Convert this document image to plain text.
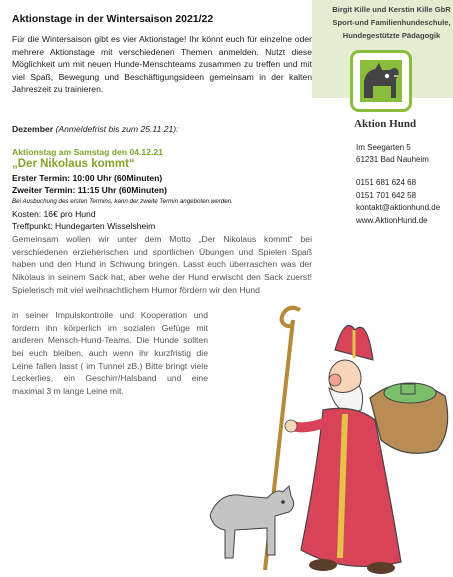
Aktionstage in der Wintersaison 2021/22
Für die Wintersaison gibt es vier Aktionstage! Ihr könnt euch für einzelne oder mehrere Aktionstage mit verschiedenen Themen anmelden. Nutzt diese Möglichkeit um mit neuen Hunde-Menschteams zusammen zu treffen und mit viel Spaß, Bewegung und Beschäftigungsideen gemeinsam in der kalten Jahreszeit zu trainieren.
Dezember (Anmeldefrist bis zum 25.11.21):
Aktionstag am Samstag den 04.12.21
„Der Nikolaus kommt“
Erster Termin: 10:00 Uhr (60Minuten)
Zweiter Termin: 11:15 Uhr (60Minuten)
Bei Ausbuchung des ersten Termins, kann der zweite Termin angeboten werden.
Kosten: 16€ pro Hund
Treffpunkt: Hundegarten Wisselsheim
Gemeinsam wollen wir unter dem Motto „Der Nikolaus kommt“ bei verschiedenen erzieherischen und sportlichen Übungen und Spielen Spaß haben und den Hund in Schwung bringen. Lasst euch überraschen was der Nikolaus in seinem Sack hat, aber wehe der Hund erwischt den Sack zuerst! Spielerisch mit viel weihnachtlichem Humor fördern wir den Hund
in seiner Impulskontrolle und Kooperation und fordern ihn körperlich im sozialen Gefüge mit anderen Mensch-Hund-Teams. Die Hunde sollten bei euch bleiben, auch wenn ihr kurzfristig die Leine fallen lasst ( im Tunnel zB.) Bitte bringt viele Leckerlies, ein Geschirr/Halsband und eine maximal 3 m lange Leine mit.
Birgit Kille und Kerstin Kille GbR
Sport-und Familienhundeschule,
Hundegestützte Pädagogik
Aktion Hund
Im Seegarten 5
61231 Bad Nauheim
0151 681 624 68
0151 701 642 58
kontakt@aktionhund.de
www.AktionHund.de
